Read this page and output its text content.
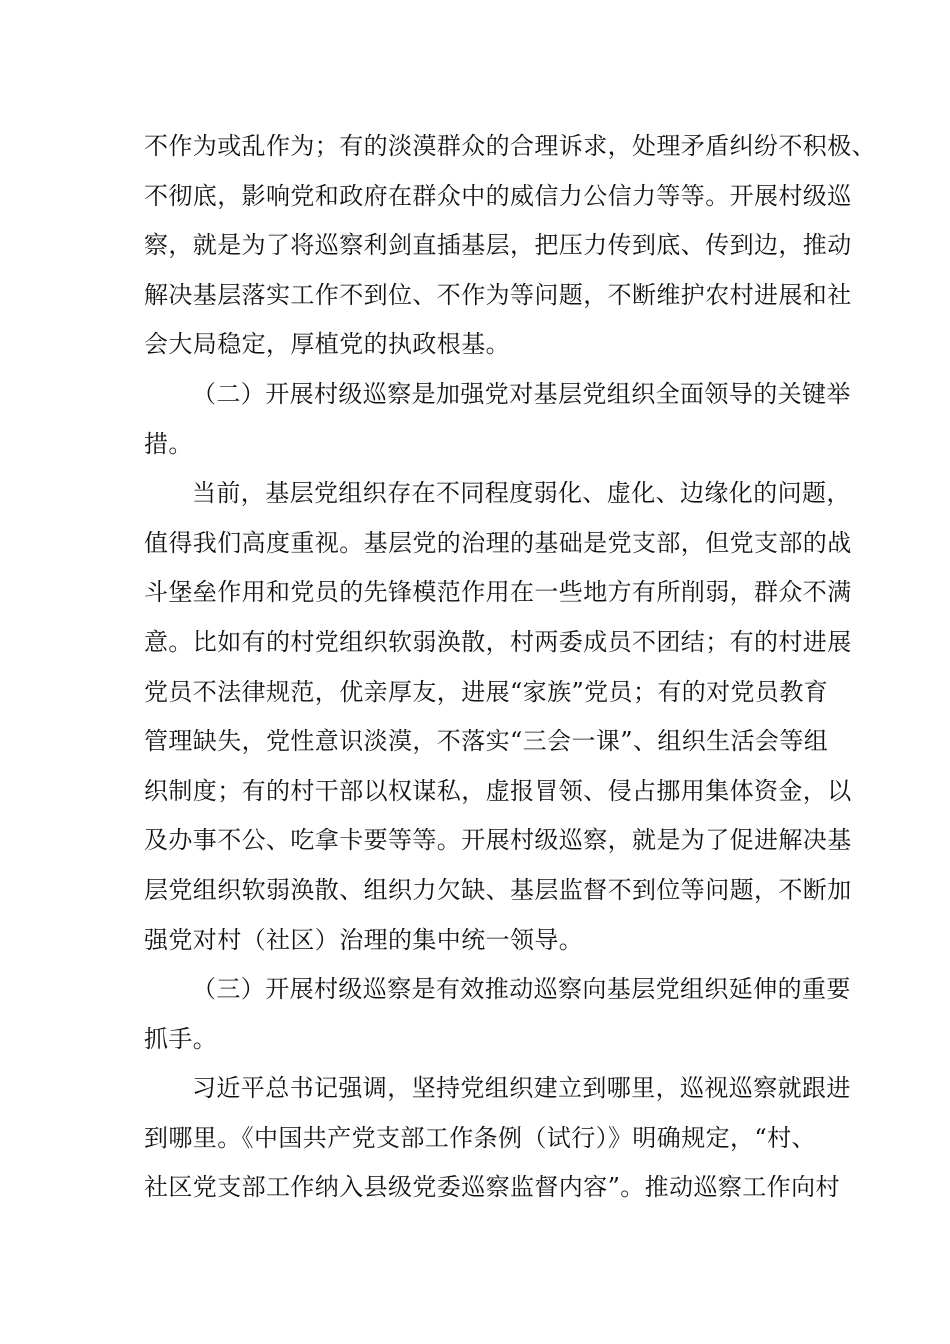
不作为或乱作为；有的淡漠群众的合理诉求，处理矛盾纠纷不积极、
不彻底，影响党和政府在群众中的威信力公信力等等。开展村级巡
察，就是为了将巡察利剑直插基层，把压力传到底、传到边，推动
解决基层落实工作不到位、不作为等问题，不断维护农村进展和社
会大局稳定，厚植党的执政根基。
（二）开展村级巡察是加强党对基层党组织全面领导的关键举
措。
当前，基层党组织存在不同程度弱化、虚化、边缘化的问题，
值得我们高度重视。基层党的治理的基础是党支部，但党支部的战
斗堡垒作用和党员的先锋模范作用在一些地方有所削弱，群众不满
意。比如有的村党组织软弱涣散，村两委成员不团结；有的村进展
党员不法律规范，优亲厚友，进展“家族”党员；有的对党员教育
管理缺失，党性意识淡漠，不落实“三会一课”、组织生活会等组
织制度；有的村干部以权谋私，虚报冒领、侵占挪用集体资金，以
及办事不公、吃拿卡要等等。开展村级巡察，就是为了促进解决基
层党组织软弱涣散、组织力欠缺、基层监督不到位等问题，不断加
强党对村（社区）治理的集中统一领导。
（三）开展村级巡察是有效推动巡察向基层党组织延伸的重要
抓手。
习近平总书记强调，坚持党组织建立到哪里，巡视巡察就跟进
到哪里。《中国共产党支部工作条例（试行）》明确规定，“村、
社区党支部工作纳入县级党委巡察监督内容”。推动巡察工作向村
